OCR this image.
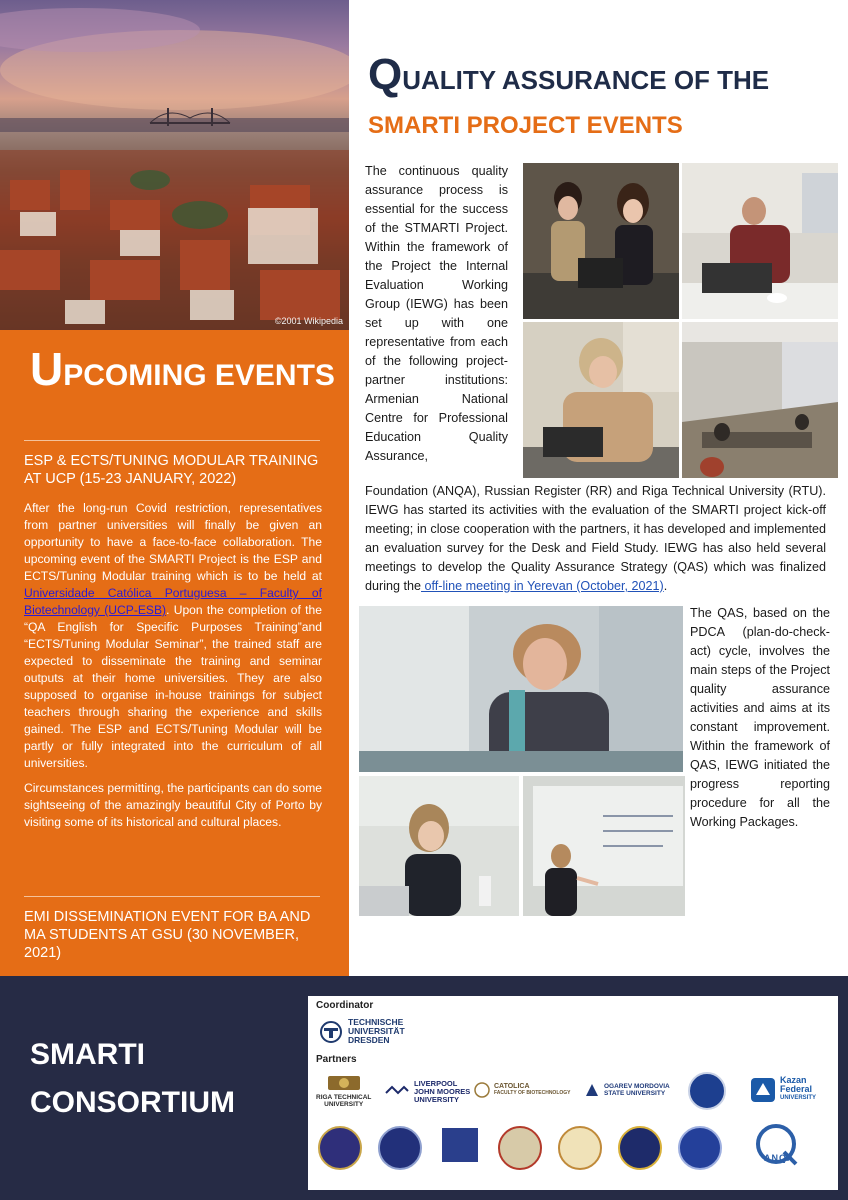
©2001 Wikipedia
UPCOMING EVENTS
ESP & ECTS/TUNING MODULAR TRAINING AT UCP (15-23 JANUARY, 2022)

After the long-run Covid restriction, representatives from partner universities will finally be given an opportunity to have a face-to-face collaboration. The upcoming event of the SMARTI Project is the ESP and ECTS/Tuning Modular training which is to be held at Universidade Católica Portuguesa – Faculty of Biotechnology (UCP-ESB). Upon the completion of the “QA English for Specific Purposes Training”and “ECTS/Tuning Modular Seminar”, the trained staff are expected to disseminate the training and seminar outputs at their home universities. They are also supposed to organise in-house trainings for subject teachers through sharing the experience and skills gained. The ESP and ECTS/Tuning Modular will be partly or fully integrated into the curriculum of all universities.

Circumstances permitting, the participants can do some sightseeing of the amazingly beautiful City of Porto by visiting some of its historical and cultural places.

EMI DISSEMINATION EVENT FOR BA AND MA STUDENTS AT GSU (30 NOVEMBER, 2021)
QUALITY ASSURANCE OF THE
SMARTI PROJECT EVENTS
The continuous quality assurance process is essential for the success of the STMARTI Project. Within the framework of the Project the Internal Evaluation Working Group (IEWG) has been set up with one representative from each of the following project-partner institutions: Armenian National Centre for Professional Education Quality Assurance,
Foundation (ANQA), Russian Register (RR) and Riga Technical University (RTU). IEWG has started its activities with the evaluation of the SMARTI project kick-off meeting; in close cooperation with the partners, it has developed and implemented an evaluation survey for the Desk and Field Study. IEWG has also held several meetings to develop the Quality Assurance Strategy (QAS) which was finalized during the off-line meeting in Yerevan (October, 2021).
The QAS, based on the PDCA (plan-do-check-act) cycle, involves the main steps of the Project quality assurance activities and aims at its constant improvement. Within the framework of QAS, IEWG initiated the progress reporting procedure for all the Working Packages.
SMARTI CONSORTIUM
Coordinator
TECHNISCHE
UNIVERSITÄT
DRESDEN
Partners
RIGA TECHNICAL
UNIVERSITY
LIVERPOOL
JOHN MOORES
UNIVERSITY
CATOLICA
FACULTY OF BIOTECHNOLOGY
OGAREV MORDOVIA
STATE UNIVERSITY
Kazan
Federal
UNIVERSITY
ANQA
